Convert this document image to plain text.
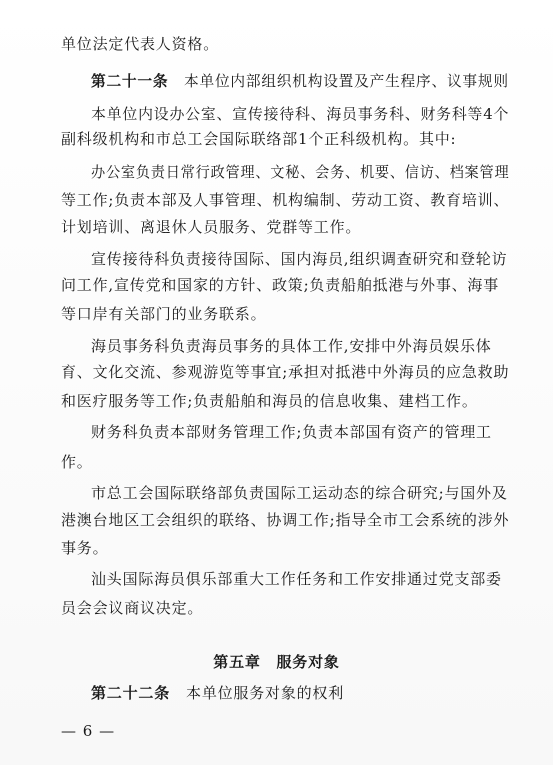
单位法定代表人资格。
第二十一条 本单位内部组织机构设置及产生程序、议事规则
本单位内设办公室、宣传接待科、海员事务科、财务科等4个
副科级机构和市总工会国际联络部1个正科级机构。其中:
办公室负责日常行政管理、文秘、会务、机要、信访、档案管理
等工作;负责本部及人事管理、机构编制、劳动工资、教育培训、
计划培训、离退休人员服务、党群等工作。
宣传接待科负责接待国际、国内海员,组织调查研究和登轮访
问工作,宣传党和国家的方针、政策;负责船舶抵港与外事、海事
等口岸有关部门的业务联系。
海员事务科负责海员事务的具体工作,安排中外海员娱乐体
育、文化交流、参观游览等事宜;承担对抵港中外海员的应急救助
和医疗服务等工作;负责船舶和海员的信息收集、建档工作。
财务科负责本部财务管理工作;负责本部国有资产的管理工
作。
市总工会国际联络部负责国际工运动态的综合研究;与国外及
港澳台地区工会组织的联络、协调工作;指导全市工会系统的涉外
事务。
汕头国际海员俱乐部重大工作任务和工作安排通过党支部委
员会会议商议决定。
第五章　服务对象
第二十二条 本单位服务对象的权利
— 6 —
